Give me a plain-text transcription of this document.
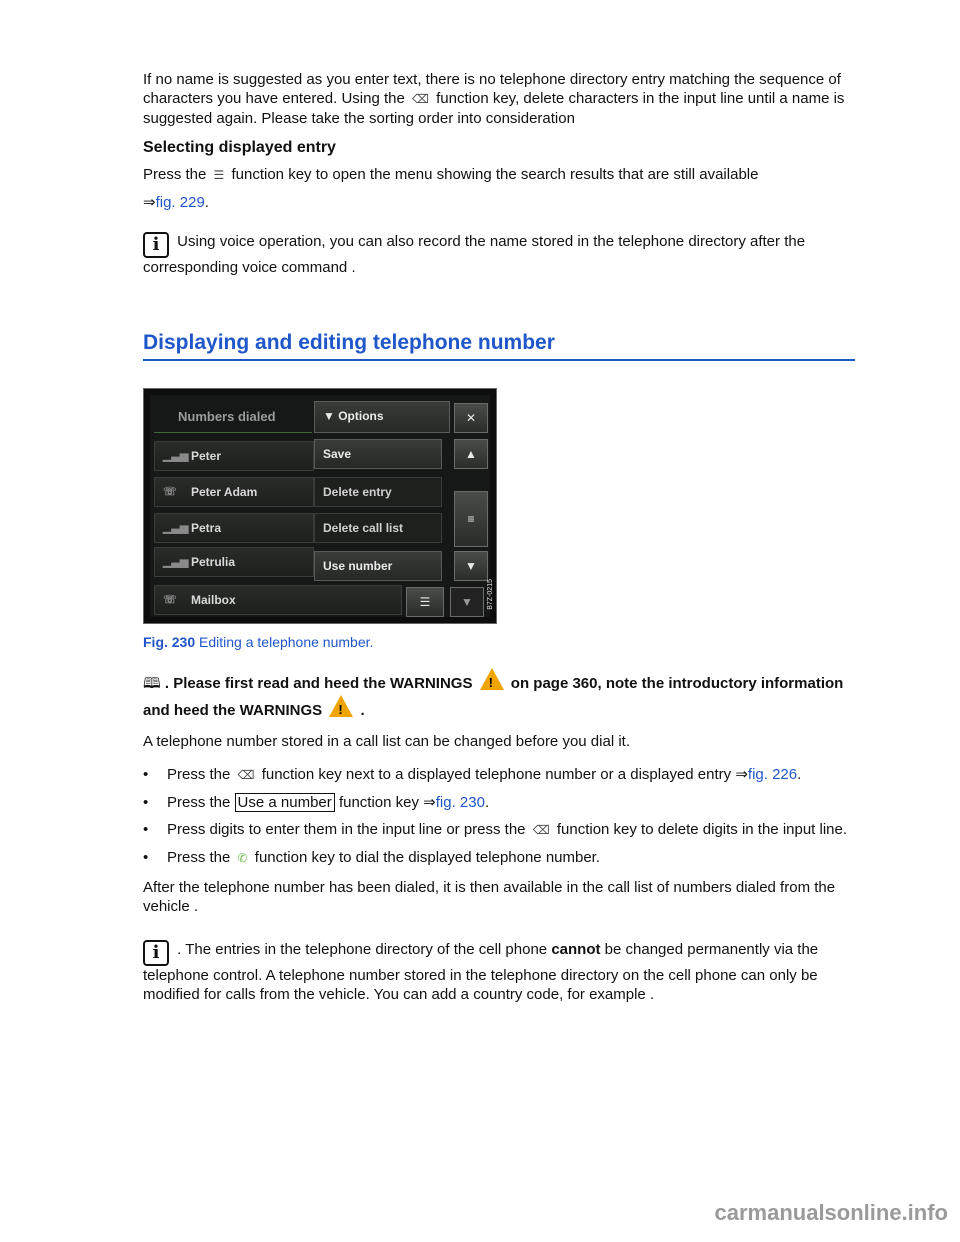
If no name is suggested as you enter text, there is no telephone directory entry matching the sequence of characters you have entered. Using the ⌫ function key, delete characters in the input line until a name is suggested again. Please take the sorting order into consideration

Selecting displayed entry

Press the ☰ function key to open the menu showing the search results that are still available

⇒fig. 229.

i Using voice operation, you can also record the name stored in the telephone directory after the corresponding voice command .

Displaying and editing telephone number
Numbers dialed
▁▃▅ Peter
☏ Peter Adam
▁▃▅ Petra
▁▃▅ Petrulia
☏ Mailbox
▼ Options
Save
Delete entry
Delete call list
Use number
✕
▲
≡
▼
☰	▼	B7Z-0215
Fig. 230 Editing a telephone number.

🕮 . Please first read and heed the WARNINGS ! on page 360, note the introductory information and heed the WARNINGS ! .

A telephone number stored in a call list can be changed before you dial it.

• Press the ⌫ function key next to a displayed telephone number or a displayed entry ⇒fig. 226.

• Press the Use a number function key ⇒fig. 230.

• Press digits to enter them in the input line or press the ⌫ function key to delete digits in the input line.

• Press the ✆ function key to dial the displayed telephone number.

After the telephone number has been dialed, it is then available in the call list of numbers dialed from the vehicle .

i . The entries in the telephone directory of the cell phone cannot be changed permanently via the telephone control. A telephone number stored in the telephone directory on the cell phone can only be modified for calls from the vehicle. You can add a country code, for example .

carmanualsonline.info
